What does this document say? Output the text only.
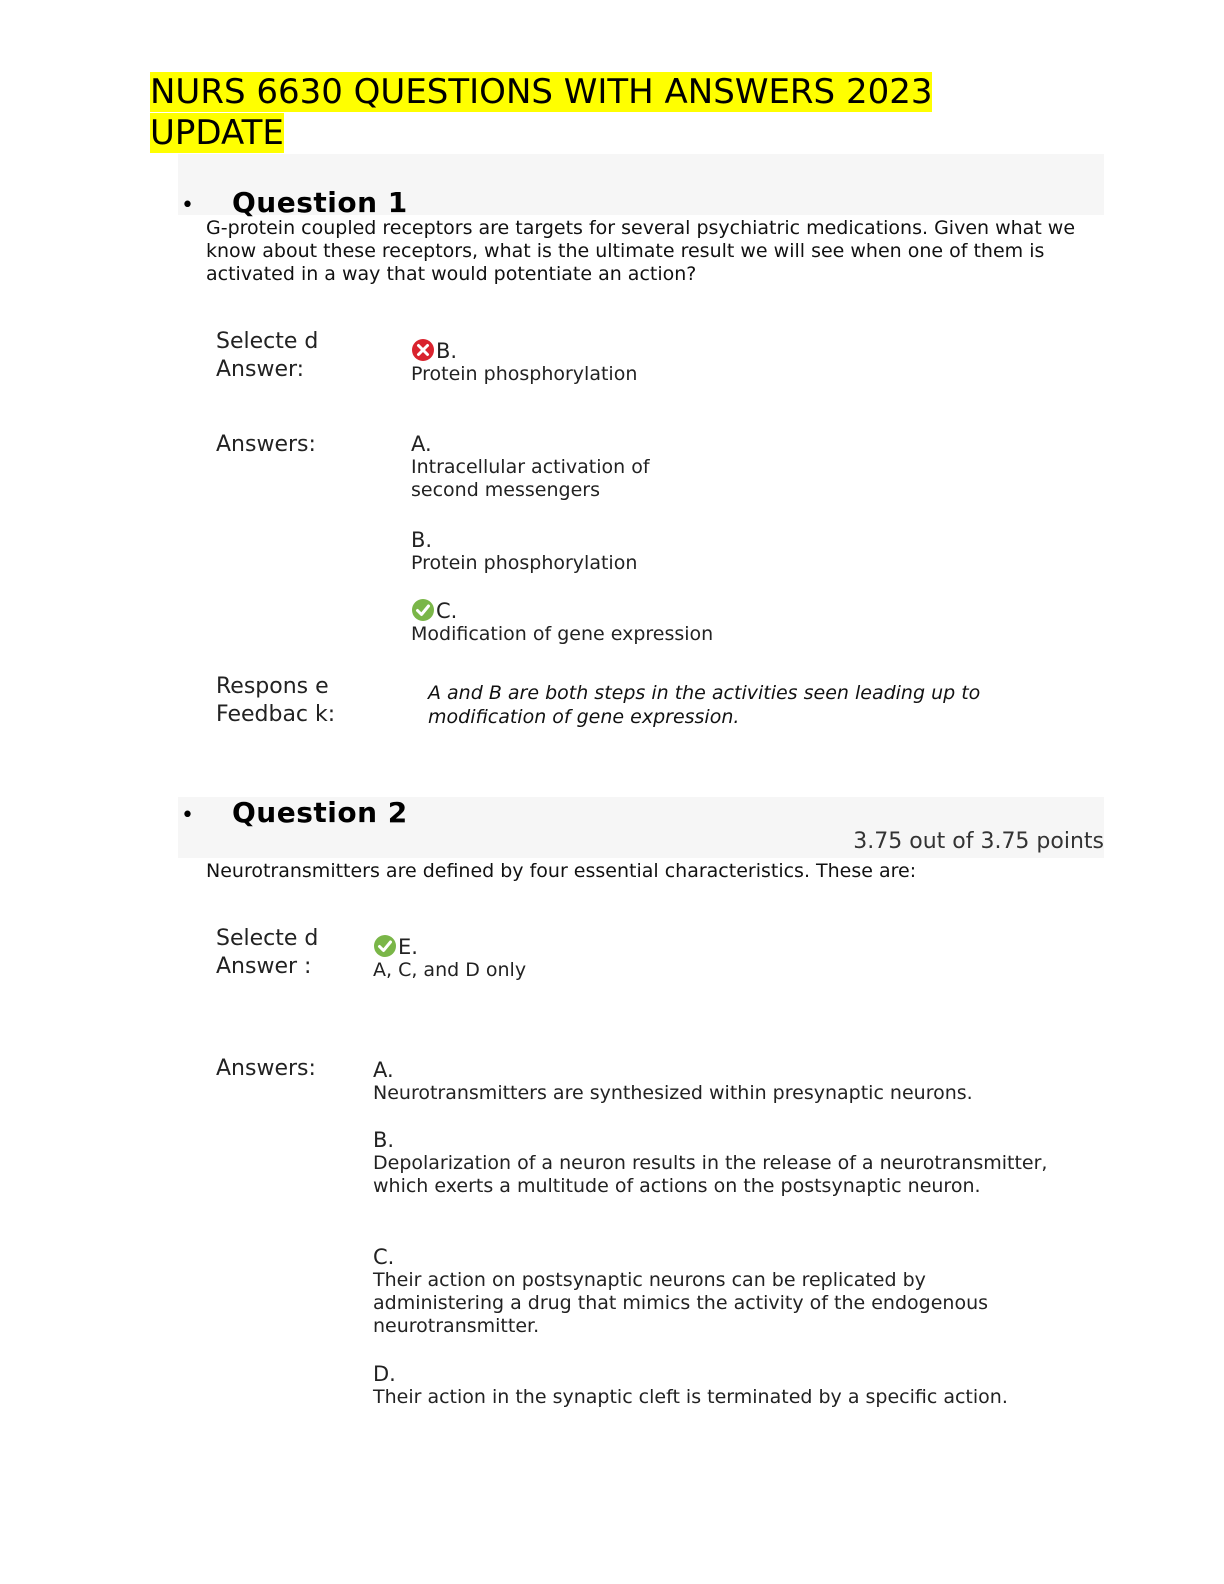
NURS 6630 QUESTIONS WITH ANSWERS 2023 UPDATE
• Question 1
G-protein coupled receptors are targets for several psychiatric medications. Given what we know about these receptors, what is the ultimate result we will see when one of them is activated in a way that would potentiate an action?
Selecte d Answer:
B.
Protein phosphorylation
Answers:	A.
Intracellular activation of second messengers
B.
Protein phosphorylation
C.
Modification of gene expression
Respons e Feedbac k:
A and B are both steps in the activities seen leading up to modification of gene expression.
3.75 out of 3.75 points
• Question 2
Neurotransmitters are defined by four essential characteristics. These are:
Selecte d Answer :
E.
A, C, and D only
Answers:	A.
Neurotransmitters are synthesized within presynaptic neurons.
B.
Depolarization of a neuron results in the release of a neurotransmitter, which exerts a multitude of actions on the postsynaptic neuron.
C.
Their action on postsynaptic neurons can be replicated by administering a drug that mimics the activity of the endogenous neurotransmitter.
D.
Their action in the synaptic cleft is terminated by a specific action.
